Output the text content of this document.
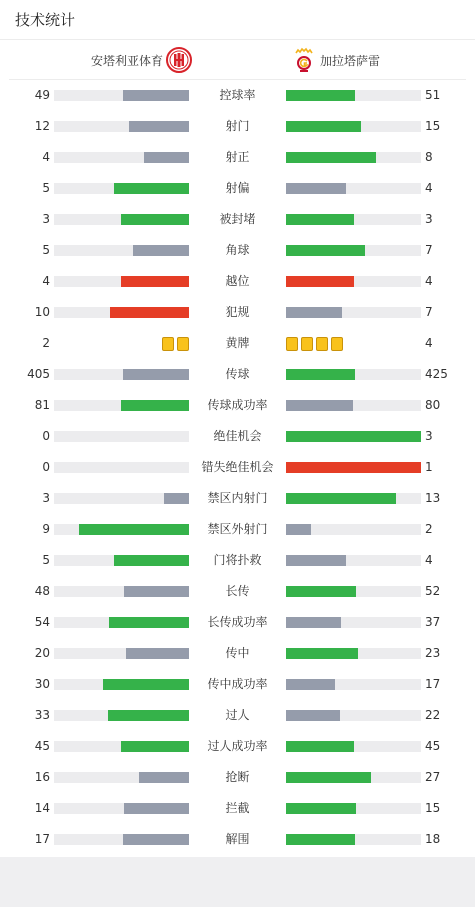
技术统计
安塔利亚体育	加拉塔萨雷
49	控球率	51
12	射门	15
4	射正	8
5	射偏	4
3	被封堵	3
5	角球	7
4	越位	4
10	犯规	7
2	黄牌	4
405	传球	425
81	传球成功率	80
0	绝佳机会	3
0	错失绝佳机会	1
3	禁区内射门	13
9	禁区外射门	2
5	门将扑救	4
48	长传	52
54	长传成功率	37
20	传中	23
30	传中成功率	17
33	过人	22
45	过人成功率	45
16	抢断	27
14	拦截	15
17	解围	18
